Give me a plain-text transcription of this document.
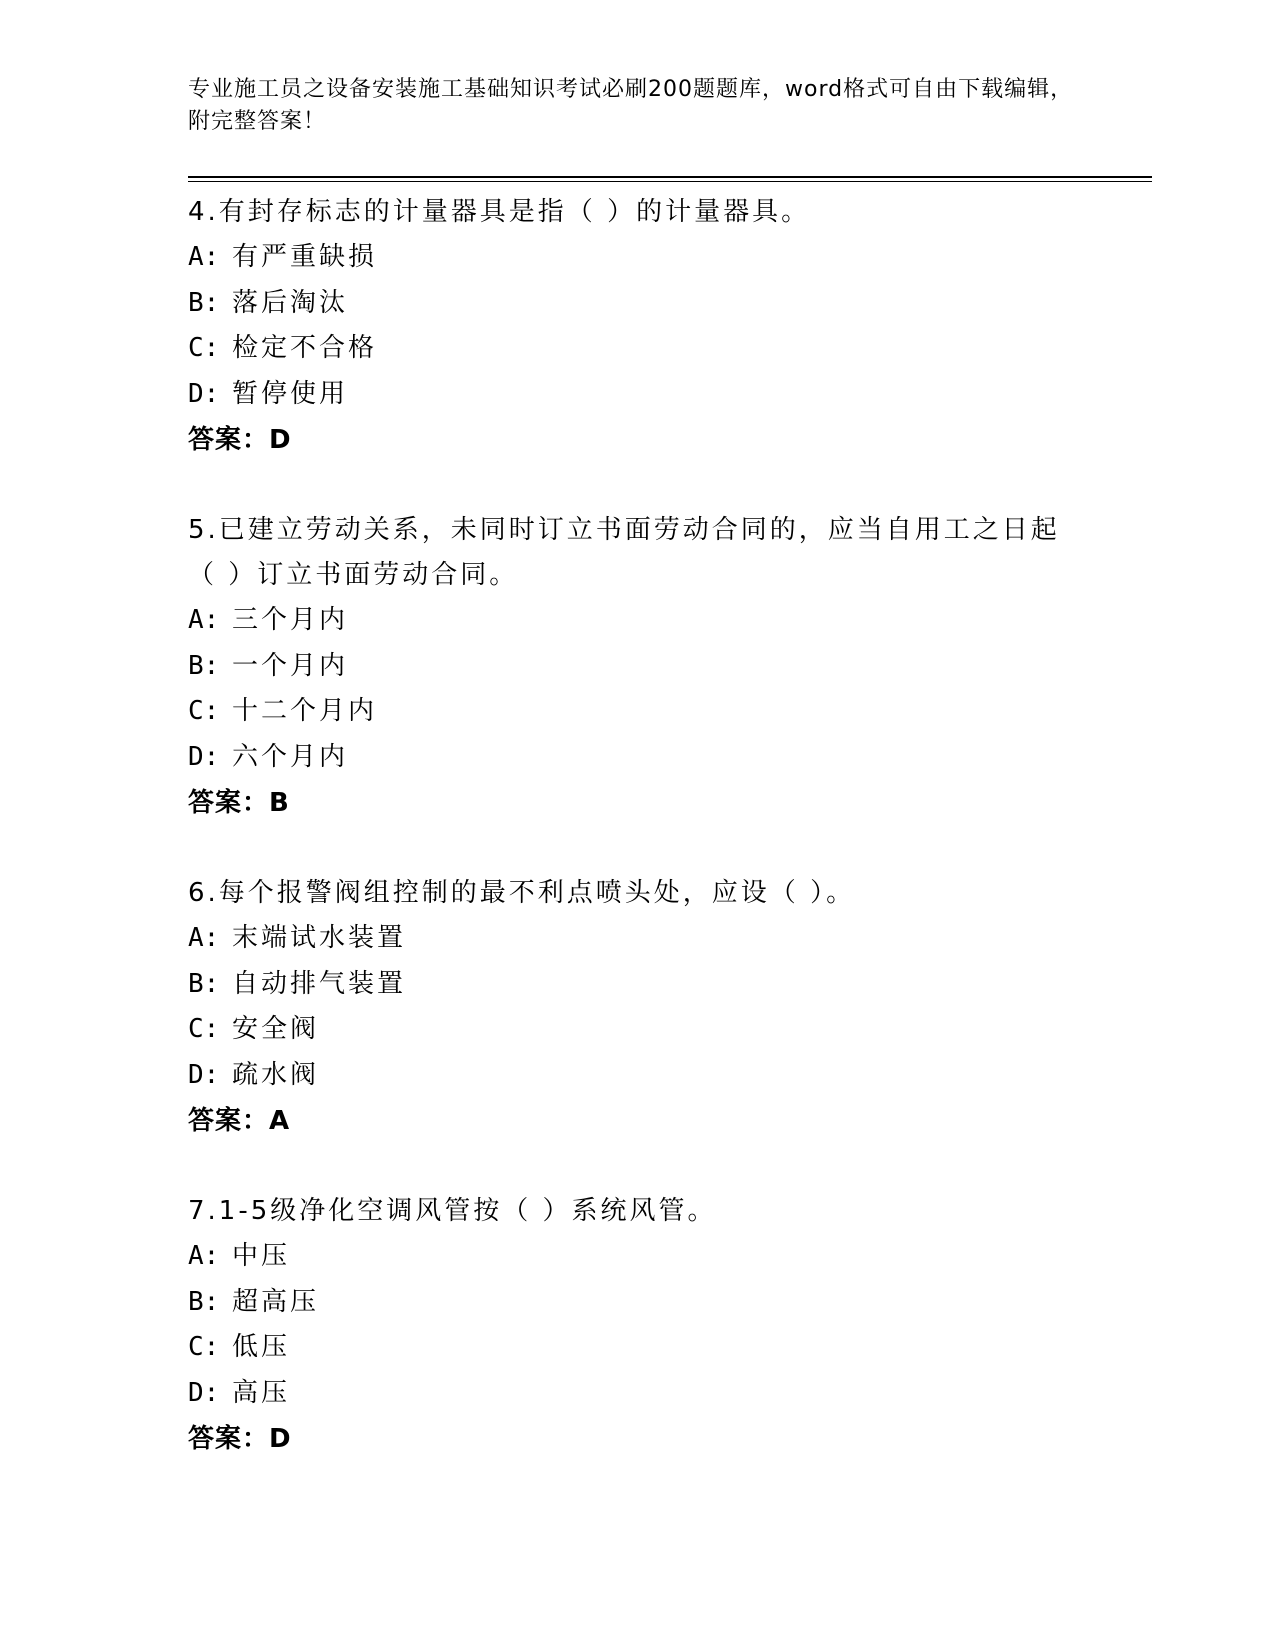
专业施工员之设备安装施工基础知识考试必刷200题题库，word格式可自由下载编辑，附完整答案！
4.有封存标志的计量器具是指（ ）的计量器具。
A: 有严重缺损
B: 落后淘汰
C: 检定不合格
D: 暂停使用
答案：D
5.已建立劳动关系，未同时订立书面劳动合同的，应当自用工之日起（ ）订立书面劳动合同。
A: 三个月内
B: 一个月内
C: 十二个月内
D: 六个月内
答案：B
6.每个报警阀组控制的最不利点喷头处，应设（ ）。
A: 末端试水装置
B: 自动排气装置
C: 安全阀
D: 疏水阀
答案：A
7.1-5级净化空调风管按（ ）系统风管。
A: 中压
B: 超高压
C: 低压
D: 高压
答案：D
